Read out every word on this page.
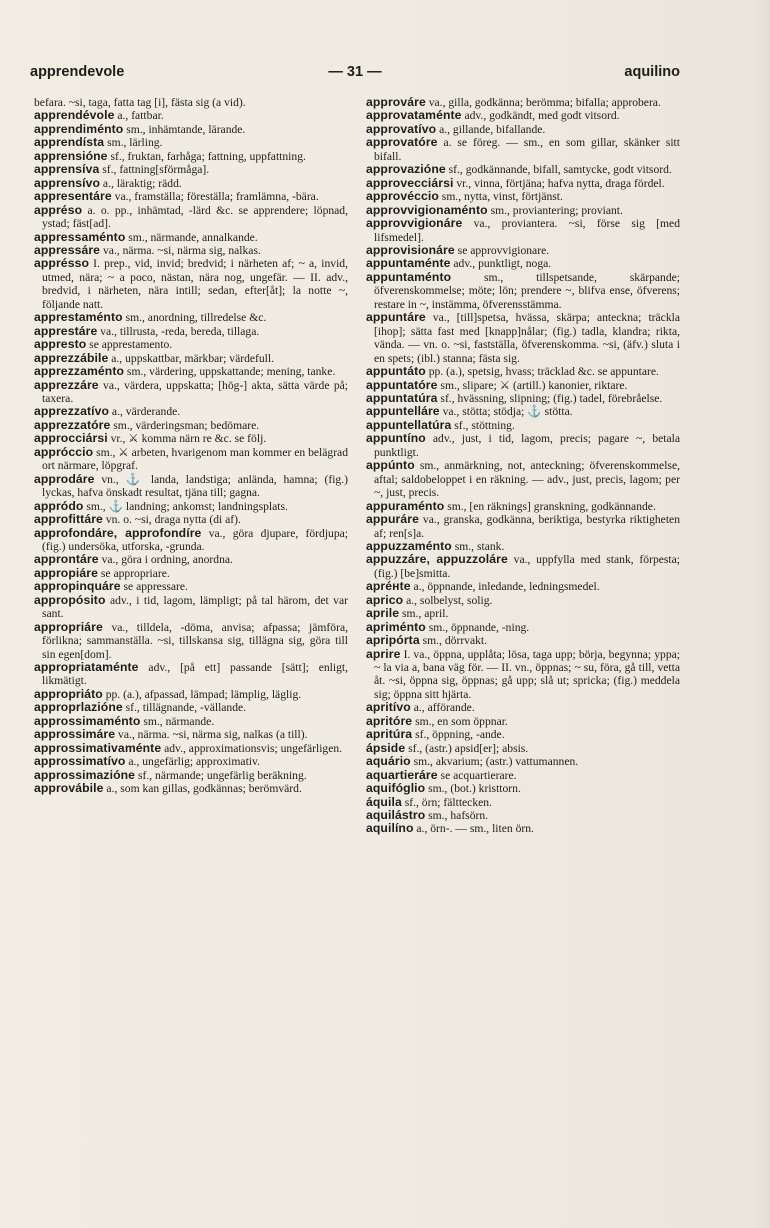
apprendevole	— 31 —	aquilino

befara. ~si, taga, fatta tag [i], fästa sig (a vid).

apprendévole a., fattbar.

apprendiménto sm., inhämtande, lärande.

apprendísta sm., lärling.

apprensióne sf., fruktan, farhåga; fattning, uppfattning.

apprensíva sf., fattning[sförmåga].

apprensívo a., läraktig; rädd.

appresentáre va., framställa; föreställa; framlämna, -bära.

appréso a. o. pp., inhämtad, -lärd &c. se apprendere; löpnad, ystad; fäst[ad].

appressaménto sm., närmande, annalkande.

appressáre va., närma. ~si, närma sig, nalkas.

apprésso I. prep., vid, invid; bredvid; i närheten af; ~ a, invid, utmed, nära; ~ a poco, nästan, nära nog, ungefär. — II. adv., bredvid, i närheten, nära intill; sedan, efter[åt]; la notte ~, följande natt.

apprestaménto sm., anordning, tillredelse &c.

apprestáre va., tillrusta, -reda, bereda, tillaga.

appresto se apprestamento.

apprezzábile a., uppskattbar, märkbar; värdefull.

apprezzaménto sm., värdering, uppskattande; mening, tanke.

apprezzáre va., värdera, uppskatta; [hög-] akta, sätta värde på; taxera.

apprezzatívo a., värderande.

apprezzatóre sm., värderingsman; bedömare.

approcciársi vr., ⚔ komma närn re &c. se följ.

appróccio sm., ⚔ arbeten, hvarigenom man kommer en belägrad ort närmare, löpgraf.

approdáre vn., ⚓ landa, landstiga; anlända, hamna; (fig.) lyckas, hafva önskadt resultat, tjäna till; gagna.

appródo sm., ⚓ landning; ankomst; landningsplats.

approfittáre vn. o. ~si, draga nytta (di af).

approfondáre, approfondíre va., göra djupare, fördjupa; (fig.) undersöka, utforska, -grunda.

approntáre va., göra i ordning, anordna.

appropiáre se appropriare.

appropinquáre se appressare.

appropósito adv., i tid, lagom, lämpligt; på tal härom, det var sant.

appropriáre va., tilldela, -döma, anvisa; afpassa; jämföra, förlikna; sammanställa. ~si, tillskansa sig, tillägna sig, göra till sin egen[dom].

appropriataménte adv., [på ett] passande [sätt]; enligt, likmätigt.

appropriáto pp. (a.), afpassad, lämpad; lämplig, läglig.

approprlazióne sf., tillägnande, -vällande.

approssimaménto sm., närmande.

approssimáre va., närma. ~si, närma sig, nalkas (a till).

approssimativaménte adv., approximationsvis; ungefärligen.

approssimatívo a., ungefärlig; approximativ.

approssimazióne sf., närmande; ungefärlig beräkning.

approvábile a., som kan gillas, godkännas; berömvärd.

approváre va., gilla, godkänna; berömma; bifalla; approbera.

approvataménte adv., godkändt, med godt vitsord.

approvatívo a., gillande, bifallande.

approvatóre a. se föreg. — sm., en som gillar, skänker sitt bifall.

approvazióne sf., godkännande, bifall, samtycke, godt vitsord.

approvecciársi vr., vinna, förtjäna; hafva nytta, draga fördel.

approvéccio sm., nytta, vinst, förtjänst.

approvvigionaménto sm., proviantering; proviant.

approvvigionáre va., proviantera. ~si, förse sig [med lifsmedel].

approvisionáre se approvvigionare.

appuntaménte adv., punktligt, noga.

appuntaménto sm., tillspetsande, skärpande; öfverenskommelse; möte; lön; prendere ~, blifva ense, öfverens; restare in ~, instämma, öfverensstämma.

appuntáre va., [till]spetsa, hvässa, skärpa; anteckna; träckla [ihop]; sätta fast med [knapp]nålar; (fig.) tadla, klandra; rikta, vända. — vn. o. ~si, fastställa, öfverenskomma. ~si, (äfv.) sluta i en spets; (ibl.) stanna; fästa sig.

appuntáto pp. (a.), spetsig, hvass; träcklad &c. se appuntare.

appuntatóre sm., slipare; ⚔ (artill.) kanonier, riktare.

appuntatúra sf., hvässning, slipning; (fig.) tadel, förebråelse.

appuntelláre va., stötta; stödja; ⚓ stötta.

appuntellatúra sf., stöttning.

appuntíno adv., just, i tid, lagom, precis; pagare ~, betala punktligt.

appúnto sm., anmärkning, not, anteckning; öfverenskommelse, aftal; saldobeloppet i en räkning. — adv., just, precis, lagom; per ~, just, precis.

appuraménto sm., [en räknings] granskning, godkännande.

appuráre va., granska, godkänna, beriktiga, bestyrka riktigheten af; ren[s]a.

appuzzaménto sm., stank.

appuzzáre, appuzzoláre va., uppfylla med stank, förpesta; (fig.) [be]smitta.

apréнte a., öppnande, inledande, ledningsmedel.

aprico a., solbelyst, solig.

aprile sm., april.

apriménto sm., öppnande, -ning.

apripórta sm., dörrvakt.

aprire I. va., öppna, upplåta; lösa, taga upp; börja, begynna; yppa; ~ la via a, bana väg för. — II. vn., öppnas; ~ su, föra, gå till, vetta åt. ~si, öppna sig, öppnas; gå upp; slå ut; spricka; (fig.) meddela sig; öppna sitt hjärta.

apritívo a., afförande.

apritóre sm., en som öppnar.

apritúra sf., öppning, -ande.

ápside sf., (astr.) apsid[er]; absis.

aquário sm., akvarium; (astr.) vattumannen.

aquartieráre se acquartierare.

aquifóglio sm., (bot.) kristtorn.

áquila sf., örn; fälttecken.

aquilástro sm., hafsörn.

aquilíno a., örn-. — sm., liten örn.
